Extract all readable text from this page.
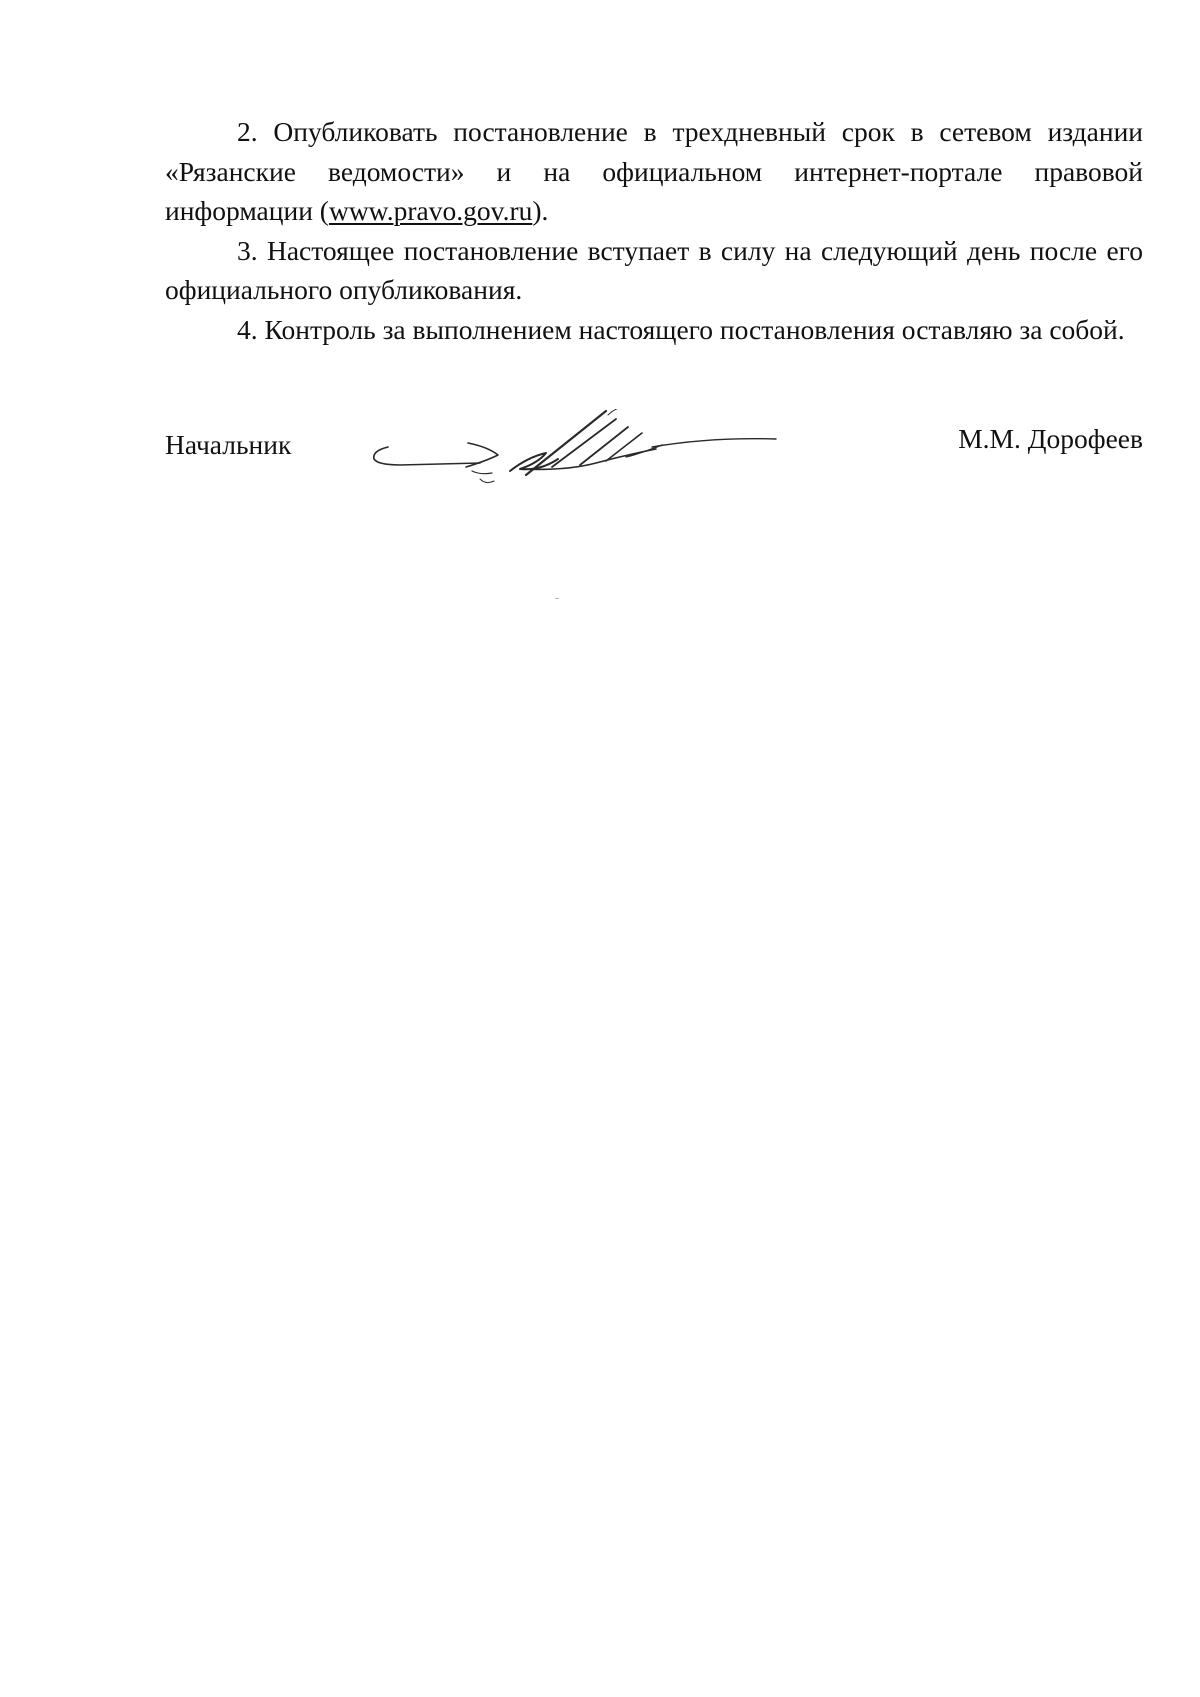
2. Опубликовать постановление в трехдневный срок в сетевом издании «Рязанские ведомости» и на официальном интернет-портале правовой информации (www.pravo.gov.ru).

3. Настоящее постановление вступает в силу на следующий день после его официального опубликования.

4. Контроль за выполнением настоящего постановления оставляю за собой.

Начальник	М.М. Дорофеев
